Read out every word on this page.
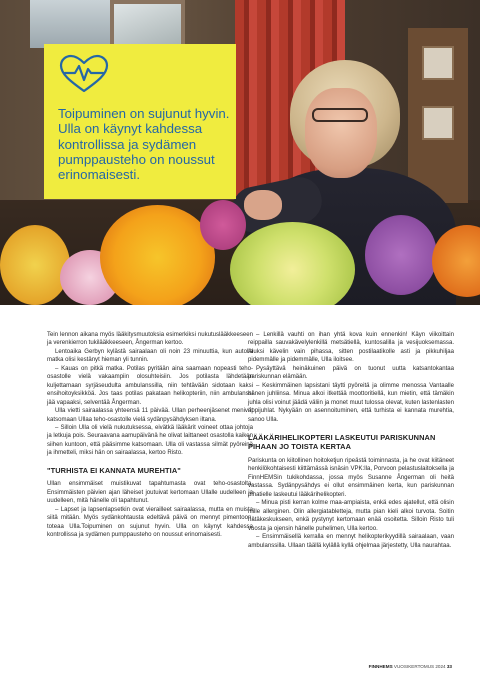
Toipuminen on sujunut hyvin. Ulla on käynyt kahdessa kontrollissa ja sydämen pumppausteho on noussut erinomaisesti.

Tein lennon aikana myös lääkitysmuutoksia esimerkiksi nukutuslääkkeeseen ja verenkierron tukilääkkeeseen, Ångerman kertoo.

Lentoaika Gerbyn kylästä sairaalaan oli noin 23 minuuttia, kun autolla matka olisi kestänyt hieman yli tunnin.

– Kauas on pitkä matka. Potilas pyritään aina saamaan nopeasti teho-osastolle vielä vakaampiin olosuhteisiin. Jos potilasta lähdetään kuljettamaan syrjäseudulta ambulanssilla, niin tehtävään sidotaan kaksi ensihoitoyksikköä. Jos taas potilas pakataan helikopteriin, niin ambulanssi jää vapaaksi, selventää Ångerman.

Ulla vietti sairaalassa yhteensä 11 päivää. Ullan perheenjäsenet menivät katsomaan Ullaa teho-osastolle vielä sydänpysähdyksen iltana.

– Silloin Ulla oli vielä nukutuksessa, eivätkä lääkärit voineet ottaa johtoja ja letkuja pois. Seuraavana aamupäivänä he olivat laittaneet osastolla kaiken siihen kuntoon, että pääsimme katsomaan. Ulla oli vastassa silmät pyöreinä ja ihmetteli, miksi hän on sairaalassa, kertoo Risto.

"TURHISTA EI KANNATA MUREHTIA"

Ullan ensimmäiset muistikuvat tapahtumasta ovat teho-osastolta. Ensimmäisten päivien ajan läheiset joutuivat kertomaan Ullalle uudelleen ja uudelleen, mitä hänelle oli tapahtunut.

– Lapset ja lapsenlapsetkin ovat vierailleet sairaalassa, mutta en muista siitä mitään. Myös sydänkohtausta edeltävä päivä on mennyt pimentoon, toteaa Ulla.Toipuminen on sujunut hyvin. Ulla on käynyt kahdessa kontrollissa ja sydämen pumppausteho on noussut erinomaisesti.

– Lenkillä vauhti on ihan yhtä kova kuin ennenkin! Käyn viikoittain reippailla sauvakävelylenkillä metsätiellä, kuntosalilla ja vesijuoksemassa. Aluksi kävelin vain pihassa, sitten postilaatikolle asti ja pikkuhiljaa pidemmälle ja pidemmälle, Ulla iloitsee.

Pysäyttävä heinäkuinen päivä on tuonut uutta katsantokantaa pariskunnan elämään.

– Keskimmäinen lapsistani täytti pyöreitä ja olimme menossa Vantaalle hänen juhliinsa. Minua alkoi itkettää moottoritiellä, kun mietin, että tämäkin juhla olisi voinut jäädä väliin ja monet muut tulossa olevat, kuten lastenlasten rippijuhlat. Nykyään on asennoituminen, että turhista ei kannata murehtia, sanoo Ulla.

LÄÄKÄRIHELIKOPTERI LASKEUTUI PARISKUNNAN PIHAAN JO TOISTA KERTAA

Pariskunta on kiitollinen hoitoketjun ripeästä toiminnasta, ja he ovat kiitäneet henkilökohtaisesti kiittämässä isnäsin VPK:lla, Porvoon pelastuslaitoksella ja FinnHEMSin tukikohdassa, jossa myös Susanne Ångerman oli heitä vastassa. Sydänpysähdys ei ollut ensimmäinen kerta, kun pariskunnan pihatielle laskeutui lääkärihelikopteri.

– Minua pisti kerran kolme maa-ampiaista, enkä edes ajatellut, että olisin niille allerginen. Olin allergiatabletteja, mutta pian kieli alkoi turvota. Soitin hätäkeskukseen, enkä pystynyt kertomaan enää osoitetta. Silloin Risto tuli vuosta ja ojensin hänelle puhelimen, Ulla kertoo.

– Ensimmäisellä kerralla en mennyt helikopterikyydillä sairaalaan, vaan ambulanssilla. Ullaan täällä kylällä kyllä ohjelmaa järjestetty, Ulla naurahtaa.

FINNHEMS VUOSIKERTOMUS 2024 33
